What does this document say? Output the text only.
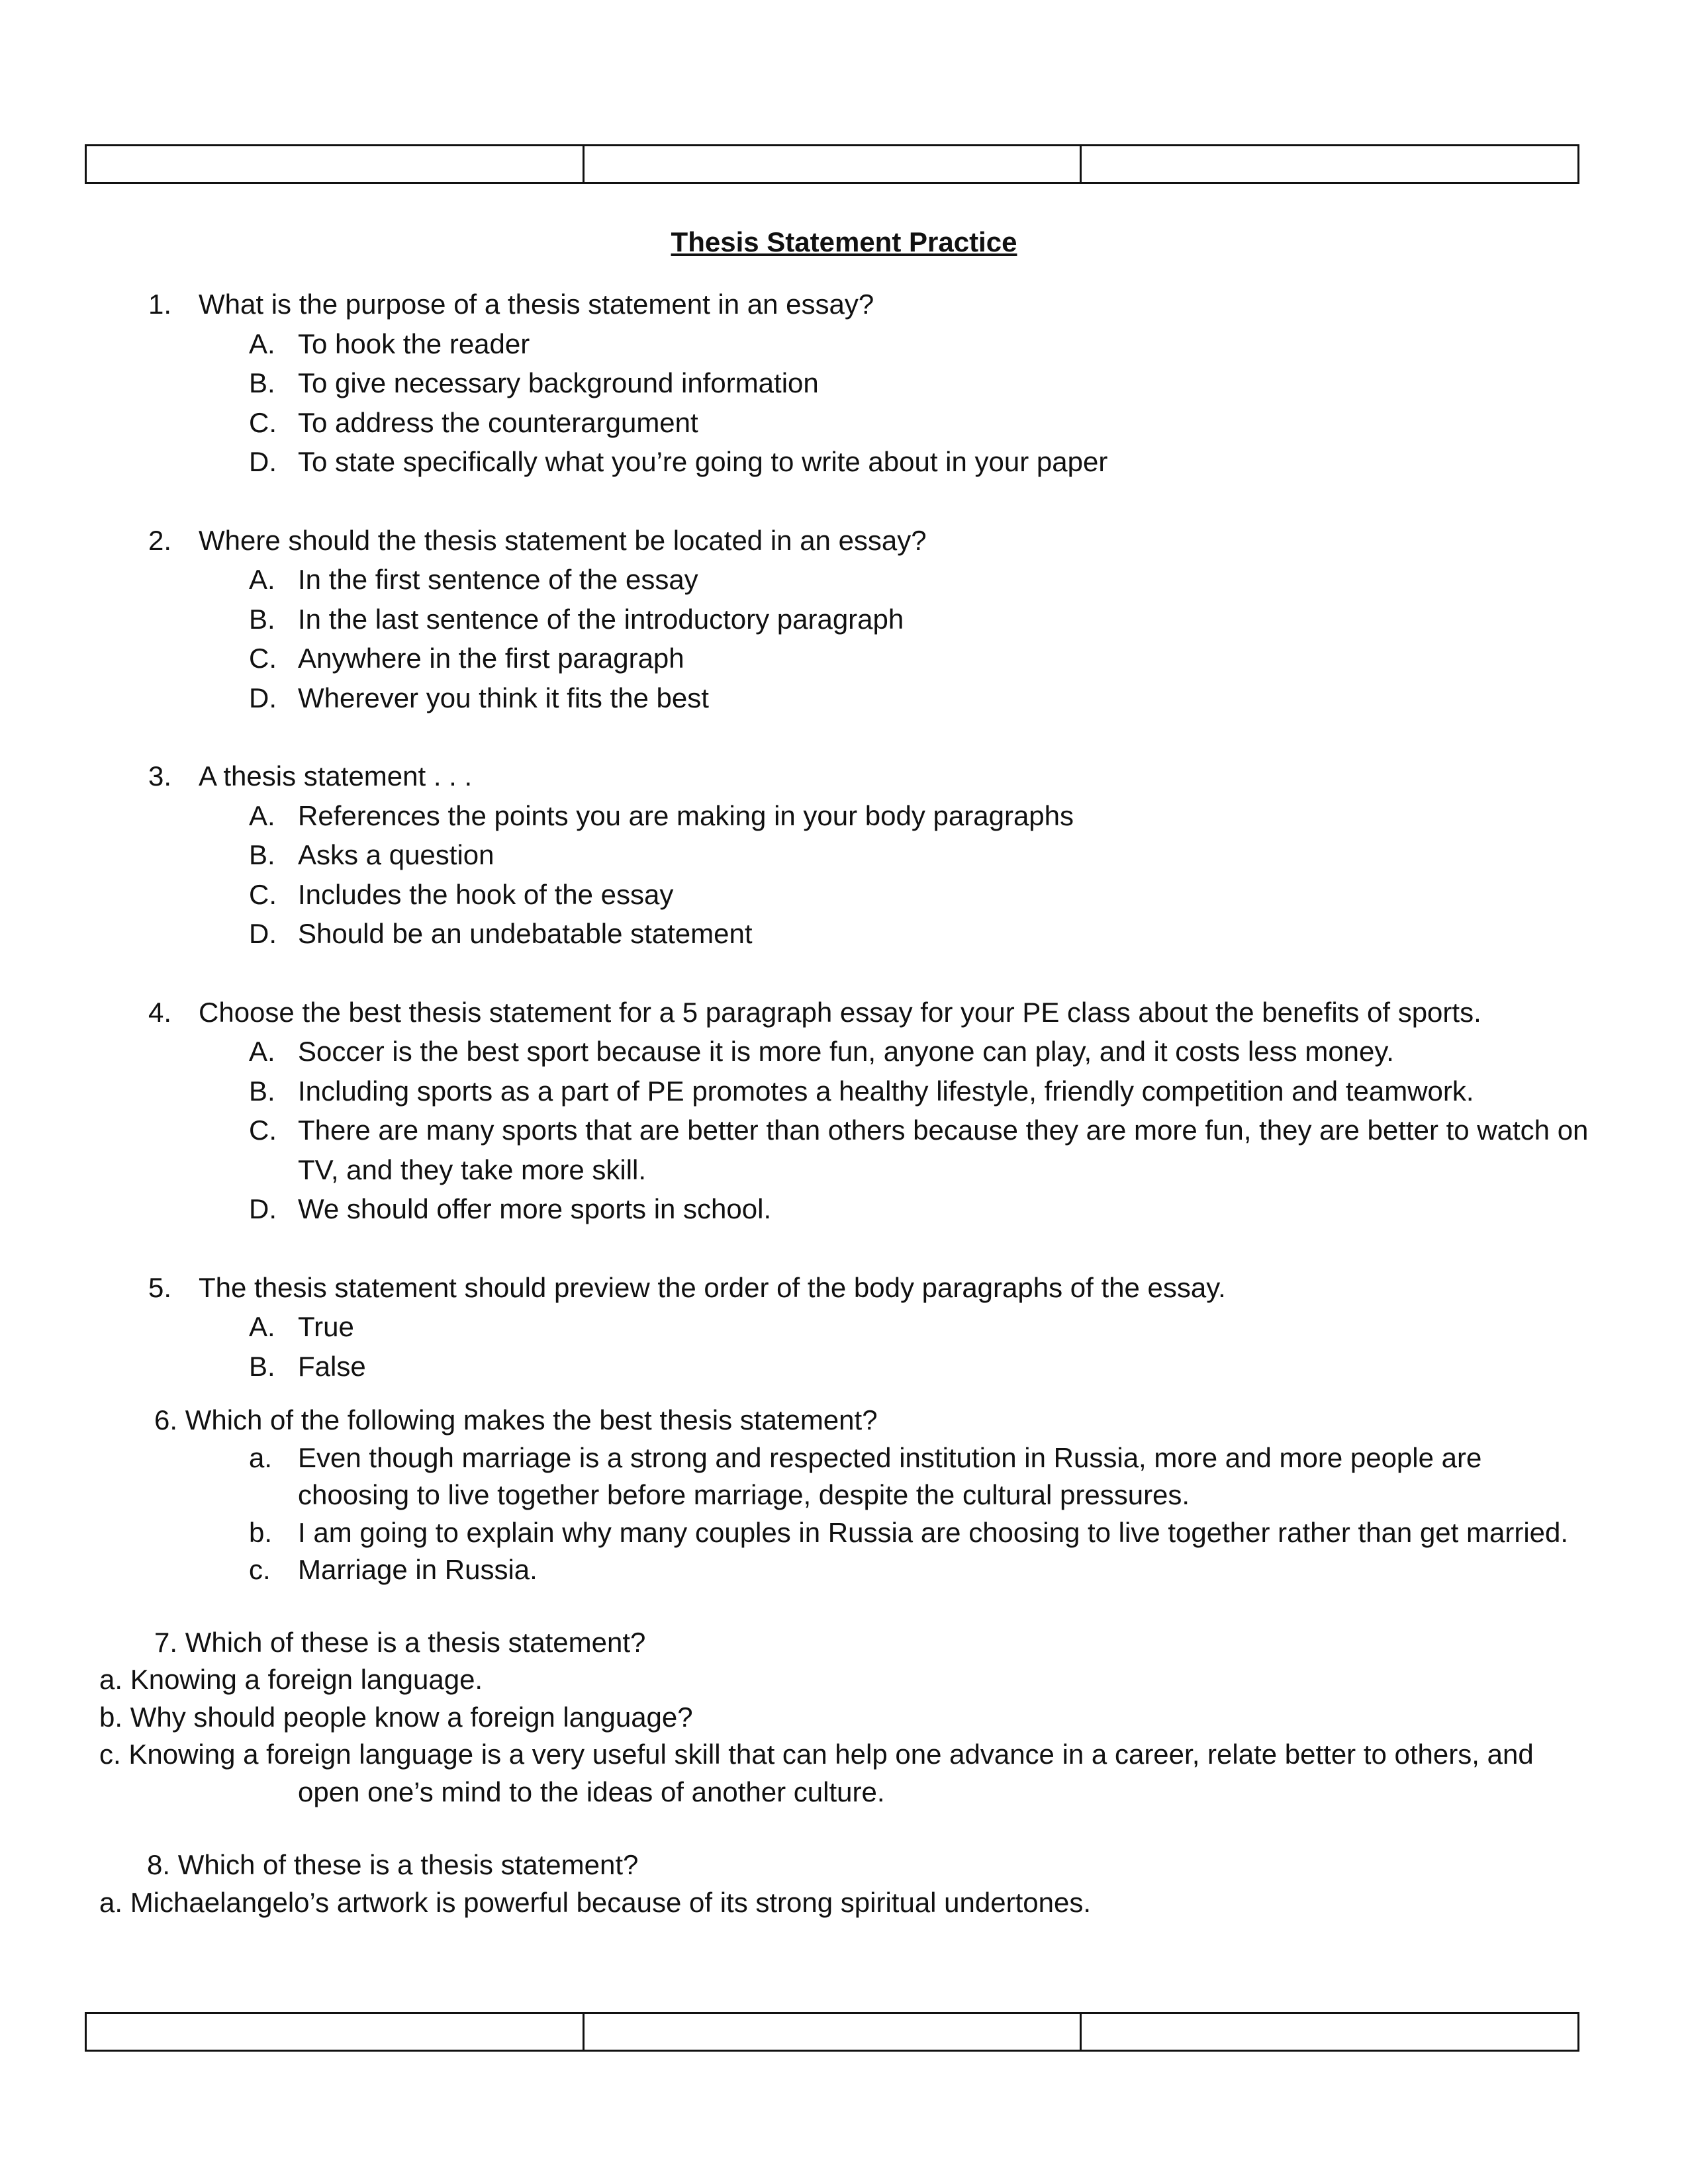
Thesis Statement Practice
1. What is the purpose of a thesis statement in an essay?
A. To hook the reader
B. To give necessary background information
C. To address the counterargument
D. To state specifically what you’re going to write about in your paper
2. Where should the thesis statement be located in an essay?
A. In the first sentence of the essay
B. In the last sentence of the introductory paragraph
C. Anywhere in the first paragraph
D. Wherever you think it fits the best
3. A thesis statement . . .
A. References the points you are making in your body paragraphs
B. Asks a question
C. Includes the hook of the essay
D. Should be an undebatable statement
4. Choose the best thesis statement for a 5 paragraph essay for your PE class about the benefits of sports.
A. Soccer is the best sport because it is more fun, anyone can play, and it costs less money.
B. Including sports as a part of PE promotes a healthy lifestyle, friendly competition and teamwork.
C. There are many sports that are better than others because they are more fun, they are better to watch on TV, and they take more skill.
D. We should offer more sports in school.
5. The thesis statement should preview the order of the body paragraphs of the essay.
A. True
B. False
6. Which of the following makes the best thesis statement?
a. Even though marriage is a strong and respected institution in Russia, more and more people are choosing to live together before marriage, despite the cultural pressures.
b. I am going to explain why many couples in Russia are choosing to live together rather than get married.
c. Marriage in Russia.
7. Which of these is a thesis statement?
a. Knowing a foreign language.
b. Why should people know a foreign language?
c. Knowing a foreign language is a very useful skill that can help one advance in a career, relate better to others, and
open one’s mind to the ideas of another culture.
8. Which of these is a thesis statement?
a. Michaelangelo’s artwork is powerful because of its strong spiritual undertones.
